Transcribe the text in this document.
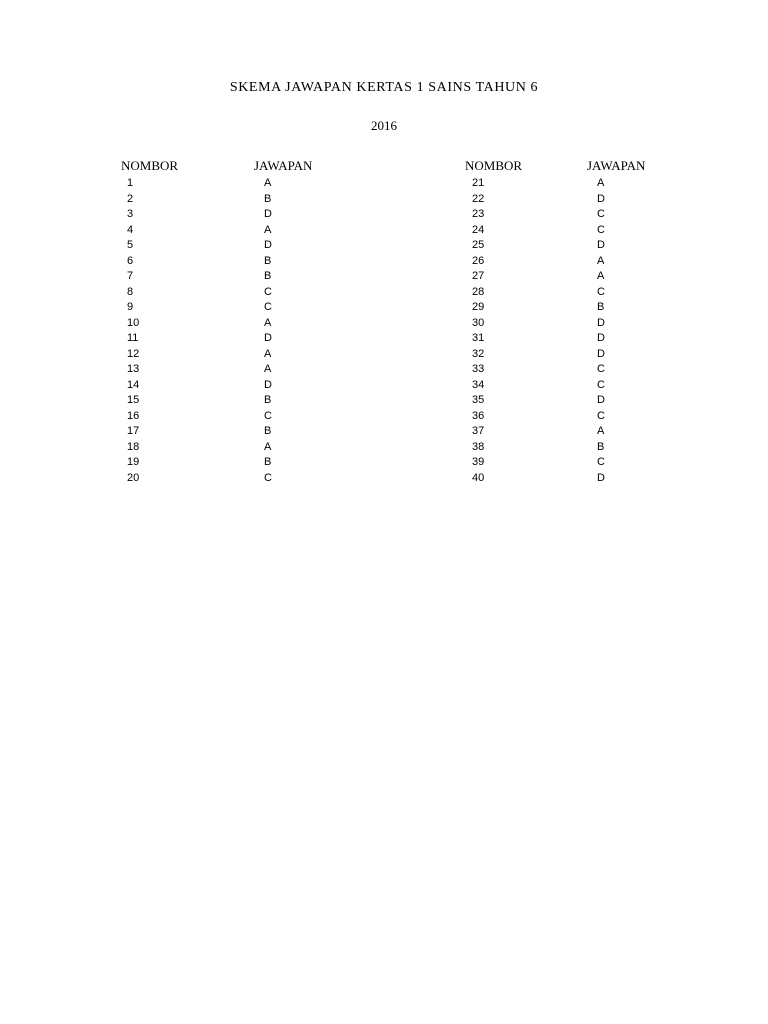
SKEMA JAWAPAN KERTAS 1 SAINS TAHUN 6
2016
NOMBOR	JAWAPAN
1	A
2	B
3	D
4	A
5	D
6	B
7	B
8	C
9	C
10	A
11	D
12	A
13	A
14	D
15	B
16	C
17	B
18	A
19	B
20	C
NOMBOR	JAWAPAN
21	A
22	D
23	C
24	C
25	D
26	A
27	A
28	C
29	B
30	D
31	D
32	D
33	C
34	C
35	D
36	C
37	A
38	B
39	C
40	D
